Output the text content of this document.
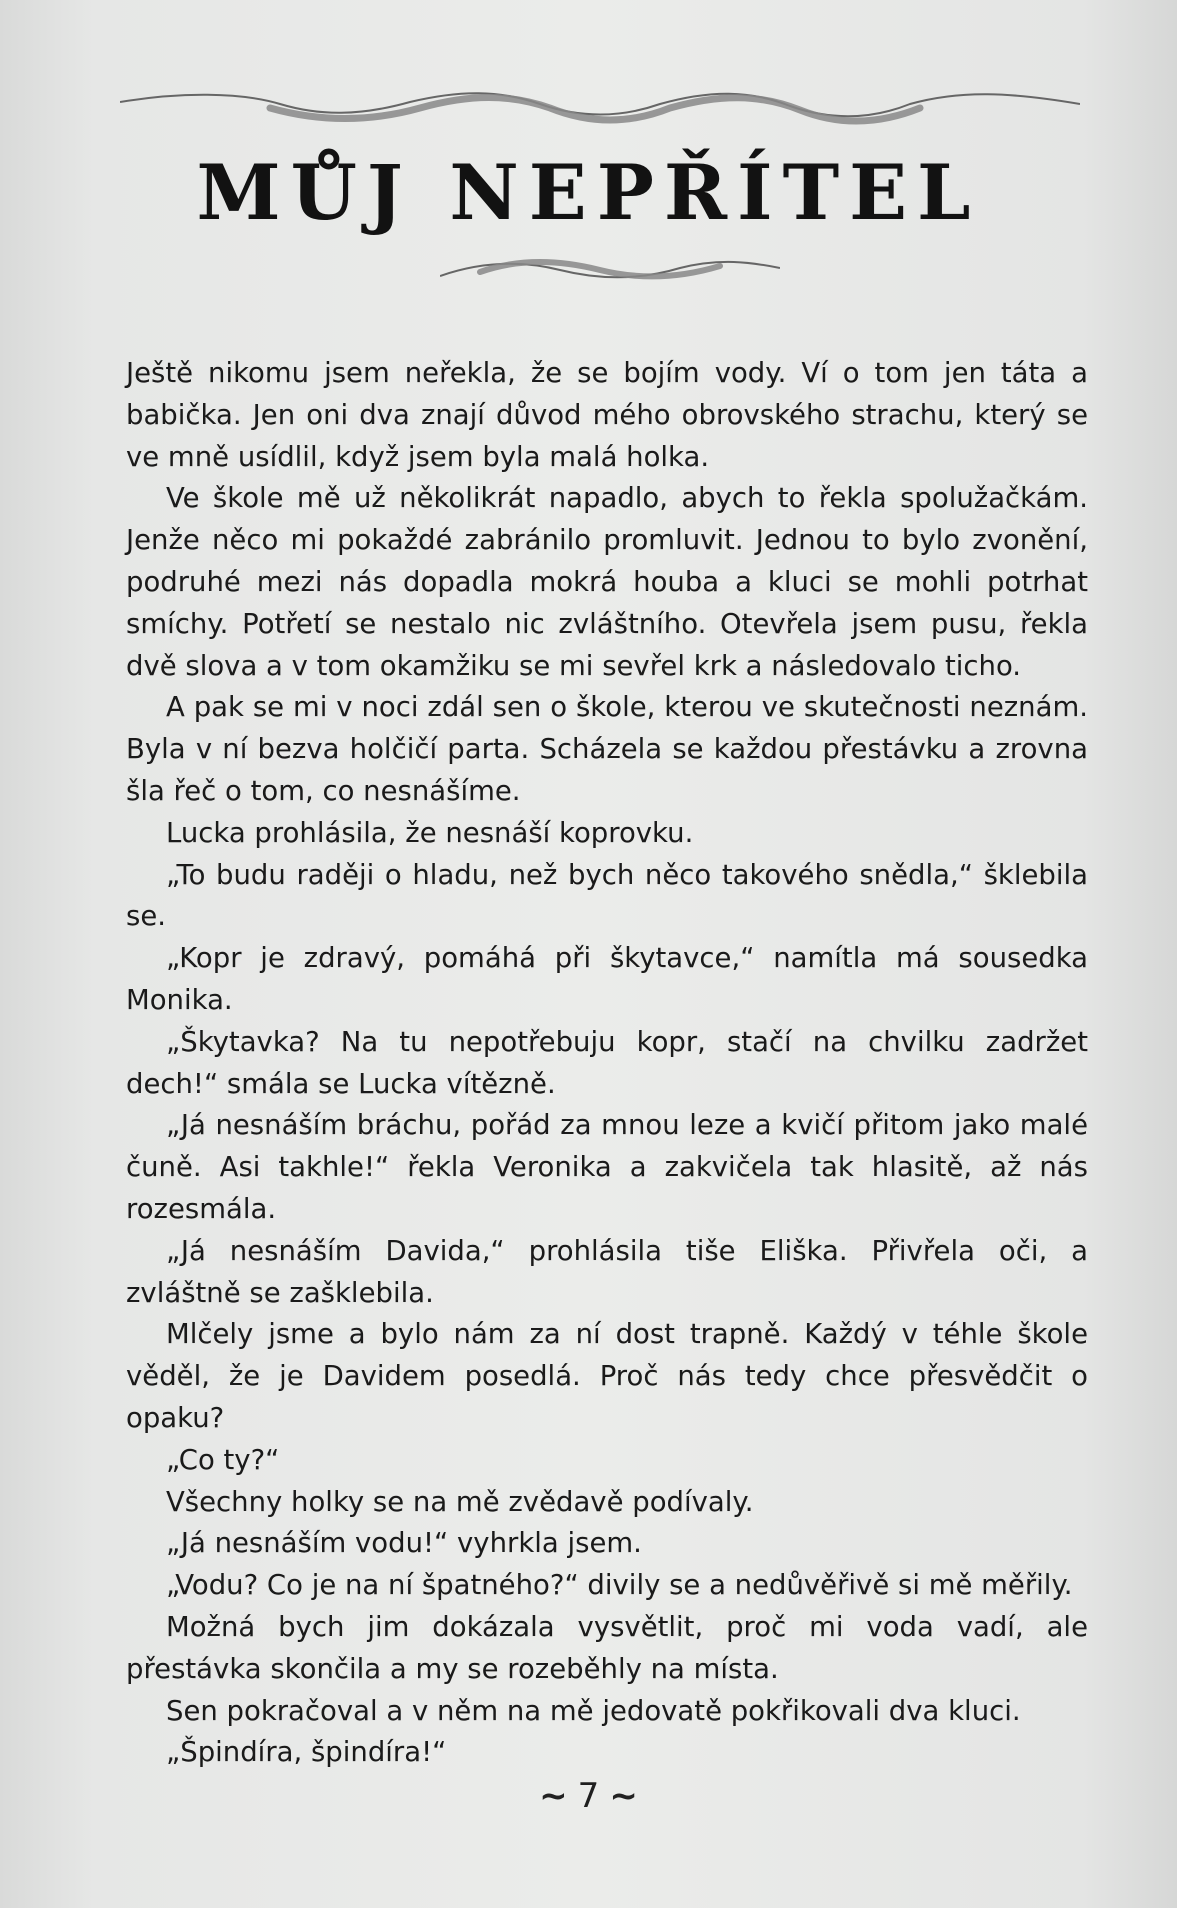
MŮJ NEPŘÍTEL

Ještě nikomu jsem neřekla, že se bojím vody. Ví o tom jen táta a babička. Jen oni dva znají důvod mého obrovského strachu, který se ve mně usídlil, když jsem byla malá holka.

Ve škole mě už několikrát napadlo, abych to řekla spolužačkám. Jenže něco mi pokaždé zabránilo promluvit. Jednou to bylo zvonění, podruhé mezi nás dopadla mokrá houba a kluci se mohli potrhat smíchy. Potřetí se nestalo nic zvláštního. Otevřela jsem pusu, řekla dvě slova a v tom okamžiku se mi sevřel krk a následovalo ticho.

A pak se mi v noci zdál sen o škole, kterou ve skutečnosti neznám. Byla v ní bezva holčičí parta. Scházela se každou přestávku a zrovna šla řeč o tom, co nesnášíme.

Lucka prohlásila, že nesnáší koprovku.

„To budu raději o hladu, než bych něco takového snědla,“ šklebila se.

„Kopr je zdravý, pomáhá při škytavce,“ namítla má sousedka Monika.

„Škytavka? Na tu nepotřebuju kopr, stačí na chvilku zadržet dech!“ smála se Lucka vítězně.

„Já nesnáším bráchu, pořád za mnou leze a kvičí přitom jako malé čuně. Asi takhle!“ řekla Veronika a zakvičela tak hlasitě, až nás rozesmála.

„Já nesnáším Davida,“ prohlásila tiše Eliška. Přivřela oči, a zvláštně se zašklebila.

Mlčely jsme a bylo nám za ní dost trapně. Každý v téhle škole věděl, že je Davidem posedlá. Proč nás tedy chce přesvědčit o opaku?

„Co ty?“

Všechny holky se na mě zvědavě podívaly.

„Já nesnáším vodu!“ vyhrkla jsem.

„Vodu? Co je na ní špatného?“ divily se a nedůvěřivě si mě měřily.

Možná bych jim dokázala vysvětlit, proč mi voda vadí, ale přestávka skončila a my se rozeběhly na místa.

Sen pokračoval a v něm na mě jedovatě pokřikovali dva kluci.

„Špindíra, špindíra!“

~ 7 ~
